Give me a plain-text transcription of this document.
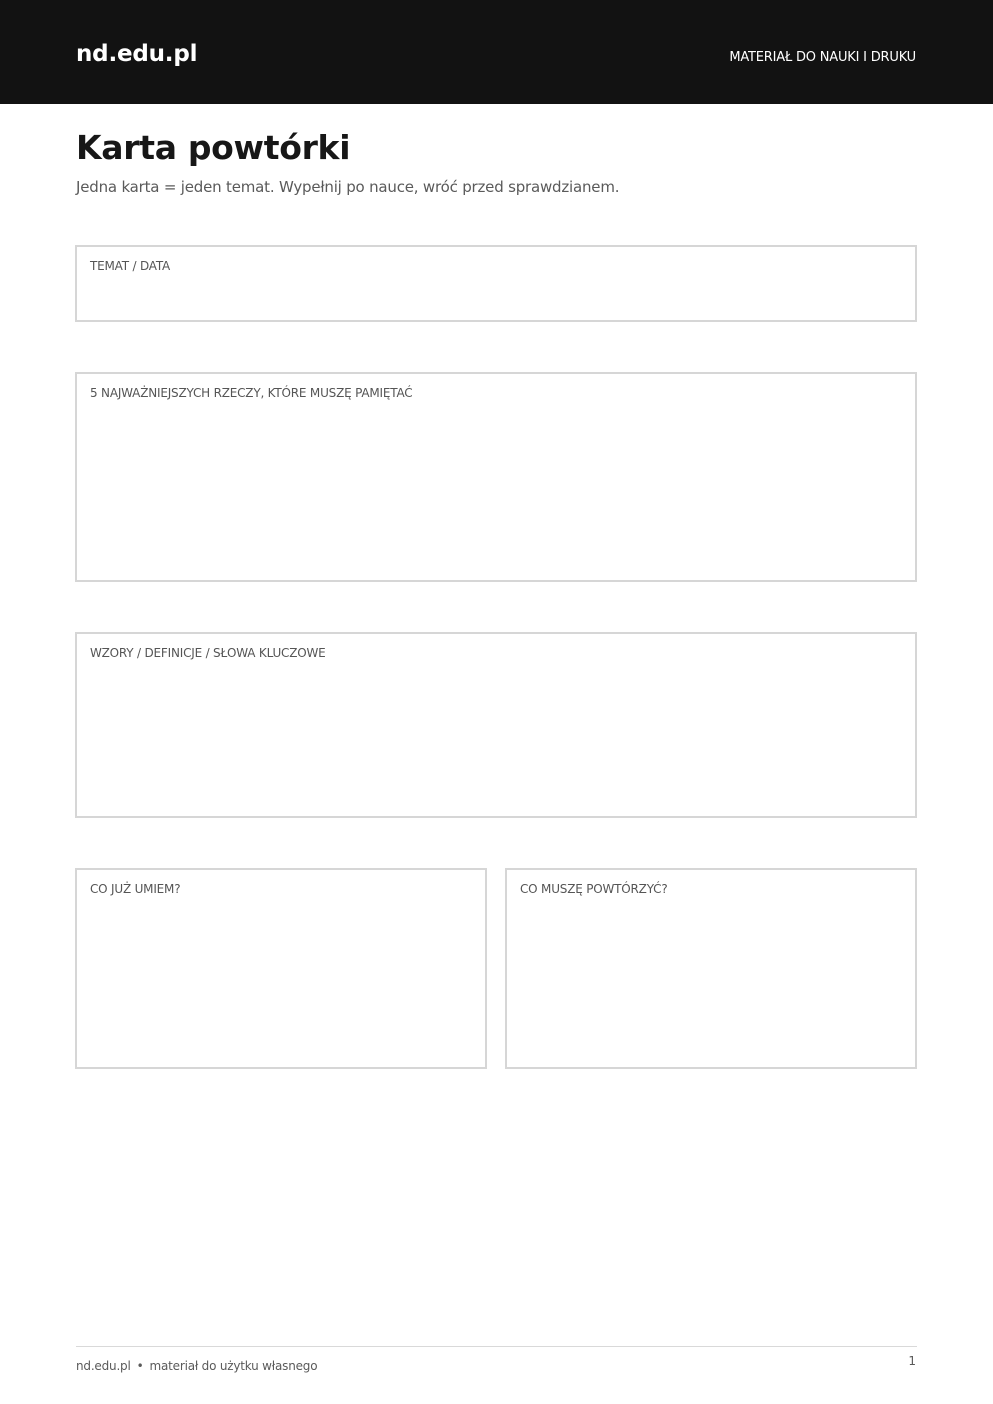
nd.edu.pl	MATERIAŁ DO NAUKI I DRUKU
Karta powtórki
Jedna karta = jeden temat. Wypełnij po nauce, wróć przed sprawdzianem.
TEMAT / DATA
5 NAJWAŻNIEJSZYCH RZECZY, KTÓRE MUSZĘ PAMIĘTAĆ
WZORY / DEFINICJE / SŁOWA KLUCZOWE
CO JUŻ UMIEM?	CO MUSZĘ POWTÓRZYĆ?
nd.edu.pl • materiał do użytku własnego	1
